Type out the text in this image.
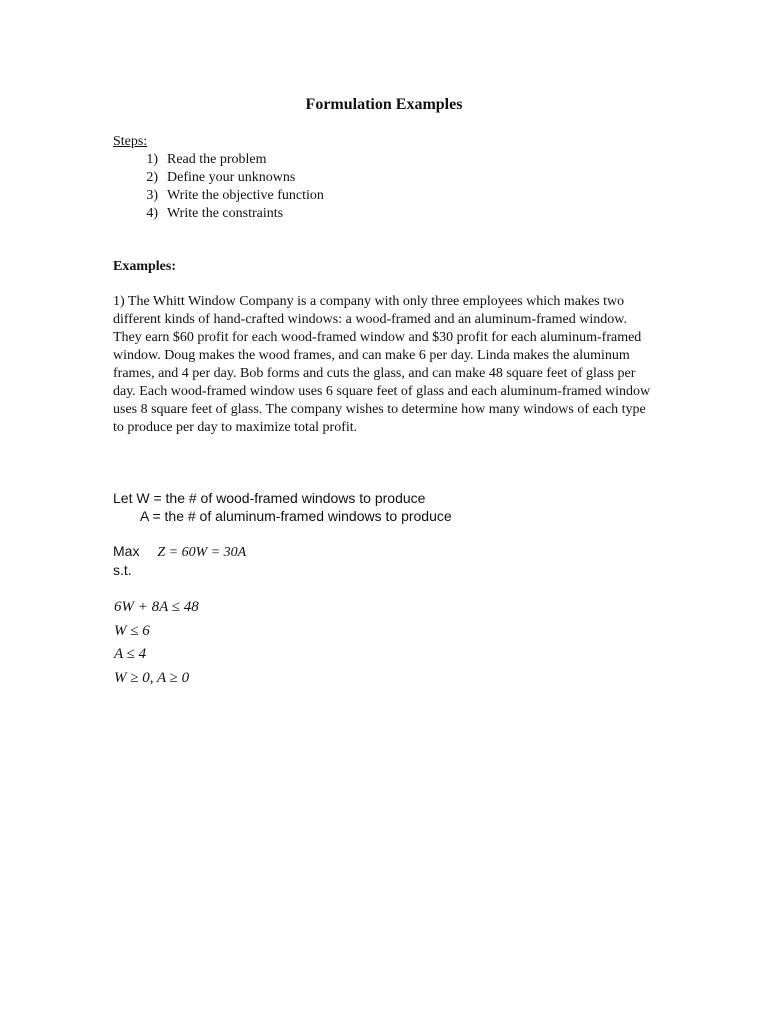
Formulation Examples
Steps:
1) Read the problem
2) Define your unknowns
3) Write the objective function
4) Write the constraints
Examples:

1) The Whitt Window Company is a company with only three employees which makes two different kinds of hand-crafted windows: a wood-framed and an aluminum-framed window. They earn $60 profit for each wood-framed window and $30 profit for each aluminum-framed window. Doug makes the wood frames, and can make 6 per day. Linda makes the aluminum frames, and 4 per day. Bob forms and cuts the glass, and can make 48 square feet of glass per day. Each wood-framed window uses 6 square feet of glass and each aluminum-framed window uses 8 square feet of glass. The company wishes to determine how many windows of each type to produce per day to maximize total profit.

Let W = the # of wood-framed windows to produce
A = the # of aluminum-framed windows to produce
Max Z = 60W = 30A
s.t.
6W + 8A ≤ 48
W ≤ 6
A ≤ 4
W ≥ 0, A ≥ 0
